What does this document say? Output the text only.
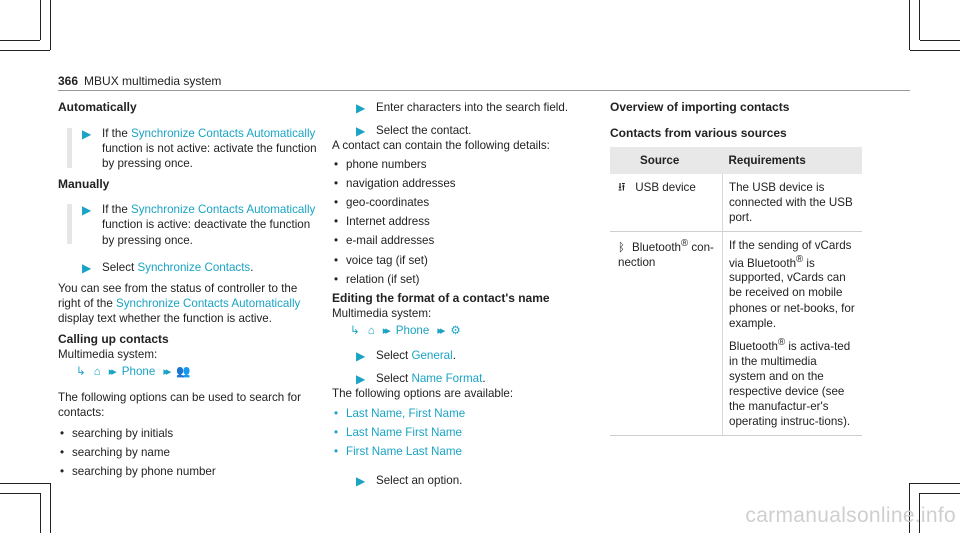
366 MBUX multimedia system

Automatically

▶ If the Synchronize Contacts Automatically function is not active: activate the function by pressing once.

Manually

▶ If the Synchronize Contacts Automatically function is active: deactivate the function by pressing once.
▶ Select Synchronize Contacts.

You can see from the status of controller to the right of the Synchronize Contacts Automatically display text whether the function is active.

Calling up contacts

Multimedia system:

↳ ⌂ ▸▸ Phone ▸▸ 👥

The following options can be used to search for contacts:

• searching by initials
• searching by name
• searching by phone number
▶ Enter characters into the search field.
▶ Select the contact.

A contact can contain the following details:

• phone numbers
• navigation addresses
• geo-coordinates
• Internet address
• e-mail addresses
• voice tag (if set)
• relation (if set)

Editing the format of a contact's name

Multimedia system:

↳ ⌂ ▸▸ Phone ▸▸ ⚙
▶ Select General.
▶ Select Name Format.

The following options are available:

• Last Name, First Name
• Last Name First Name
• First Name Last Name
▶ Select an option.

Overview of importing contacts

Contacts from various sources

Source	Requirements
⭿ USB device	The USB device is connected with the USB port.
ᛒ Bluetooth® con-nection	If the sending of vCards via Bluetooth® is supported, vCards can be received on mobile phones or net-books, for example.

Bluetooth® is activa-ted in the multimedia system and on the respective device (see the manufactur-er's operating instruc-tions).

carmanualsonline.info
